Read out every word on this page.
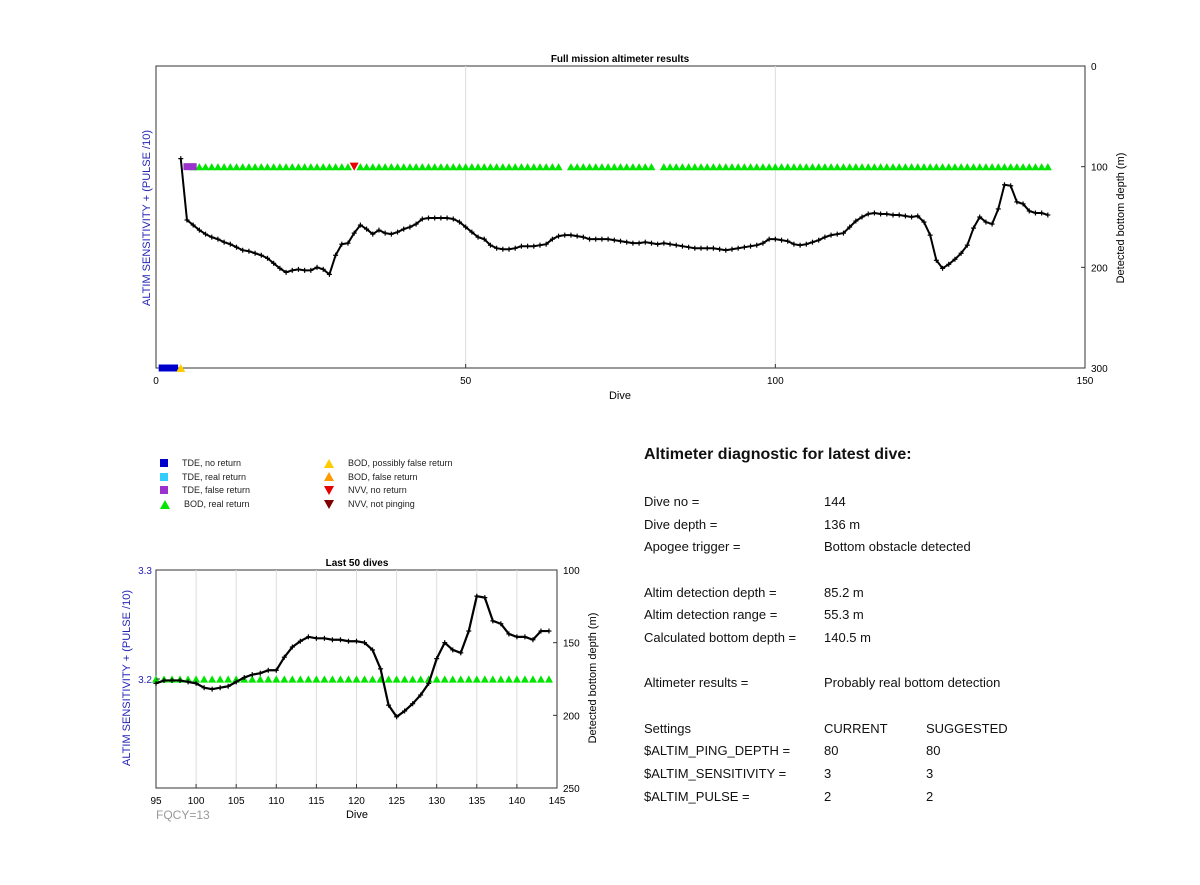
Full mission altimeter results
0	50	100	150
0
100
200
300
Dive
ALTIM SENSITIVITY + (PULSE /10)	Detected bottom depth (m)
Last 50 dives
95	100 105 110 115 120 125 130 135 140 145
100
150
200
250
3.2
3.3
Dive
ALTIM SENSITIVITY + (PULSE /10)	Detected bottom depth (m)
TDE, no return
TDE, real return
TDE, false return
BOD, real return
BOD, possibly false return
BOD, false return
NVV, no return
NVV, not pinging
FQCY=13
Altimeter diagnostic for latest dive:
Dive no =	144
Dive depth =	136 m
Apogee trigger =	Bottom obstacle detected
Altim detection depth =	85.2 m
Altim detection range =	55.3 m
Calculated bottom depth =	140.5 m
Altimeter results =	Probably real bottom detection
Settings	CURRENT	SUGGESTED
$ALTIM_PING_DEPTH =	80	80
$ALTIM_SENSITIVITY =	3	3
$ALTIM_PULSE =	2	2
